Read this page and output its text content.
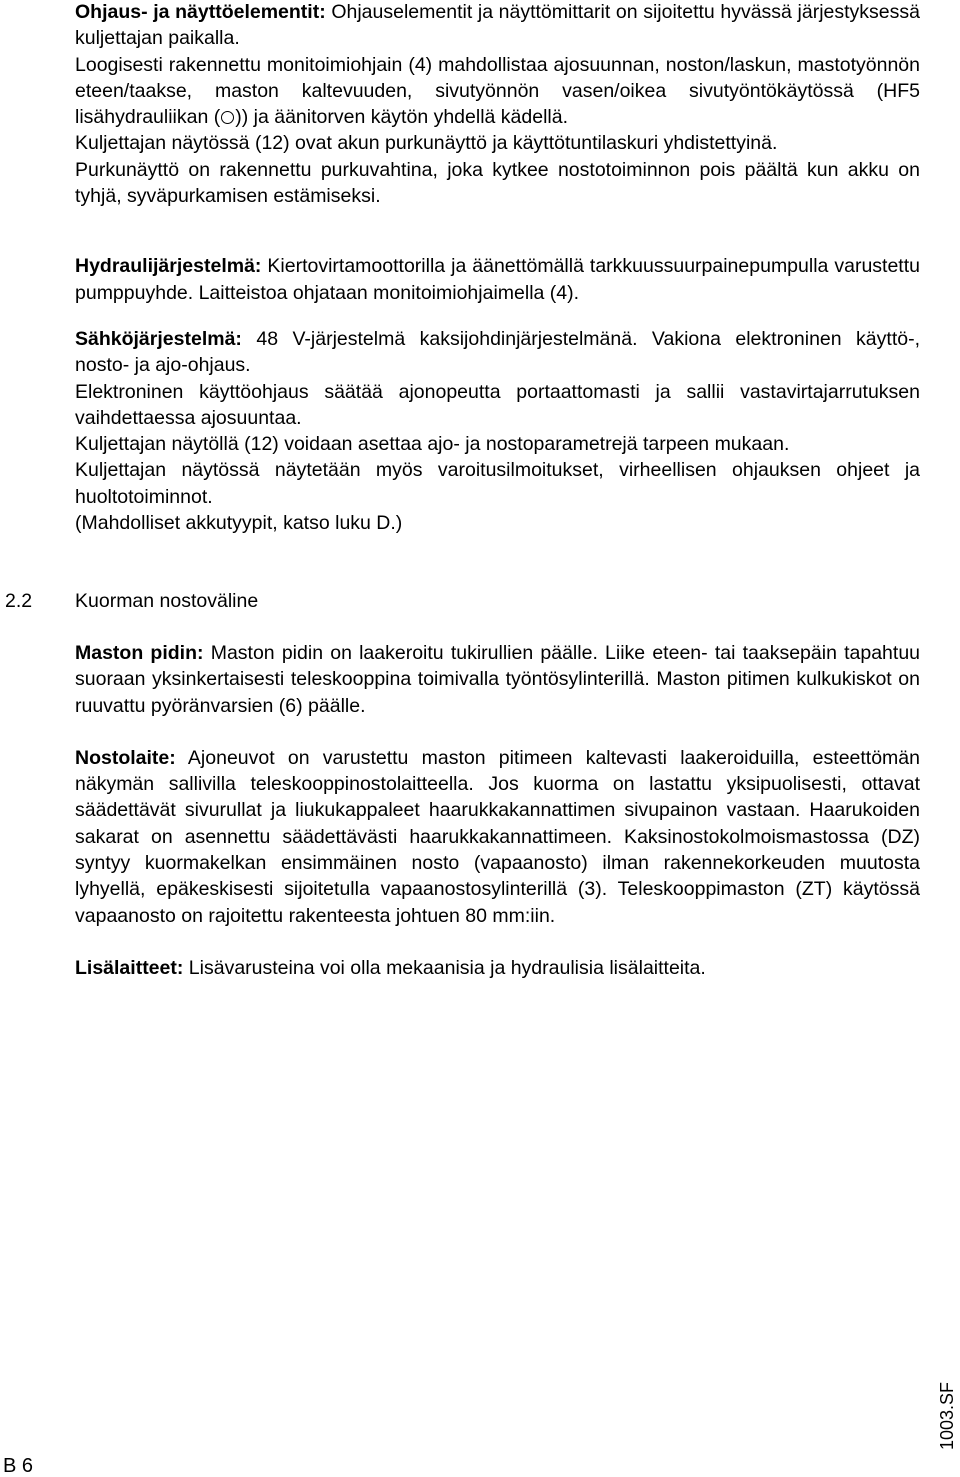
Ohjaus- ja näyttöelementit: Ohjauselementit ja näyttömittarit on sijoitettu hyvässä järjestyksessä kuljettajan paikalla.

Loogisesti rakennettu monitoimiohjain (4) mahdollistaa ajosuunnan, noston/laskun, mastotyönnön eteen/taakse, maston kaltevuuden, sivutyönnön vasen/oikea sivutyöntökäytössä (HF5 lisähydrauliikan ( )) ja äänitorven käytön yhdellä kädellä.

Kuljettajan näytössä (12) ovat akun purkunäyttö ja käyttötuntilaskuri yhdistettyinä.

Purkunäyttö on rakennettu purkuvahtina, joka kytkee nostotoiminnon pois päältä kun akku on tyhjä, syväpurkamisen estämiseksi.

Hydraulijärjestelmä: Kiertovirtamoottorilla ja äänettömällä tarkkuussuurpainepumpulla varustettu pumppuyhde. Laitteistoa ohjataan monitoimiohjaimella (4).

Sähköjärjestelmä: 48 V-järjestelmä kaksijohdinjärjestelmänä. Vakiona elektroninen käyttö-, nosto- ja ajo-ohjaus.

Elektroninen käyttöohjaus säätää ajonopeutta portaattomasti ja sallii vastavirtajarrutuksen vaihdettaessa ajosuuntaa.

Kuljettajan näytöllä (12) voidaan asettaa ajo- ja nostoparametrejä tarpeen mukaan.

Kuljettajan näytössä näytetään myös varoitusilmoitukset, virheellisen ohjauksen ohjeet ja huoltotoiminnot.

(Mahdolliset akkutyypit, katso luku D.)

2.2 Kuorman nostoväline

Maston pidin: Maston pidin on laakeroitu tukirullien päälle. Liike eteen- tai taaksepäin tapahtuu suoraan yksinkertaisesti teleskooppina toimivalla työntösylinterillä. Maston pitimen kulkukiskot on ruuvattu pyöränvarsien (6) päälle.

Nostolaite: Ajoneuvot on varustettu maston pitimeen kaltevasti laakeroiduilla, esteettömän näkymän sallivilla teleskooppinostolaitteella. Jos kuorma on lastattu yksipuolisesti, ottavat säädettävät sivurullat ja liukukappaleet haarukkakannattimen sivupainon vastaan. Haarukoiden sakarat on asennettu säädettävästi haarukkakannattimeen. Kaksinostokolmoismastossa (DZ) syntyy kuormakelkan ensimmäinen nosto (vapaanosto) ilman rakennekorkeuden muutosta lyhyellä, epäkeskisesti sijoitetulla vapaanostosylinterillä (3). Teleskooppimaston (ZT) käytössä vapaanosto on rajoitettu rakenteesta johtuen 80 mm:iin.

Lisälaitteet: Lisävarusteina voi olla mekaanisia ja hydraulisia lisälaitteita.

1003.SF
B 6
